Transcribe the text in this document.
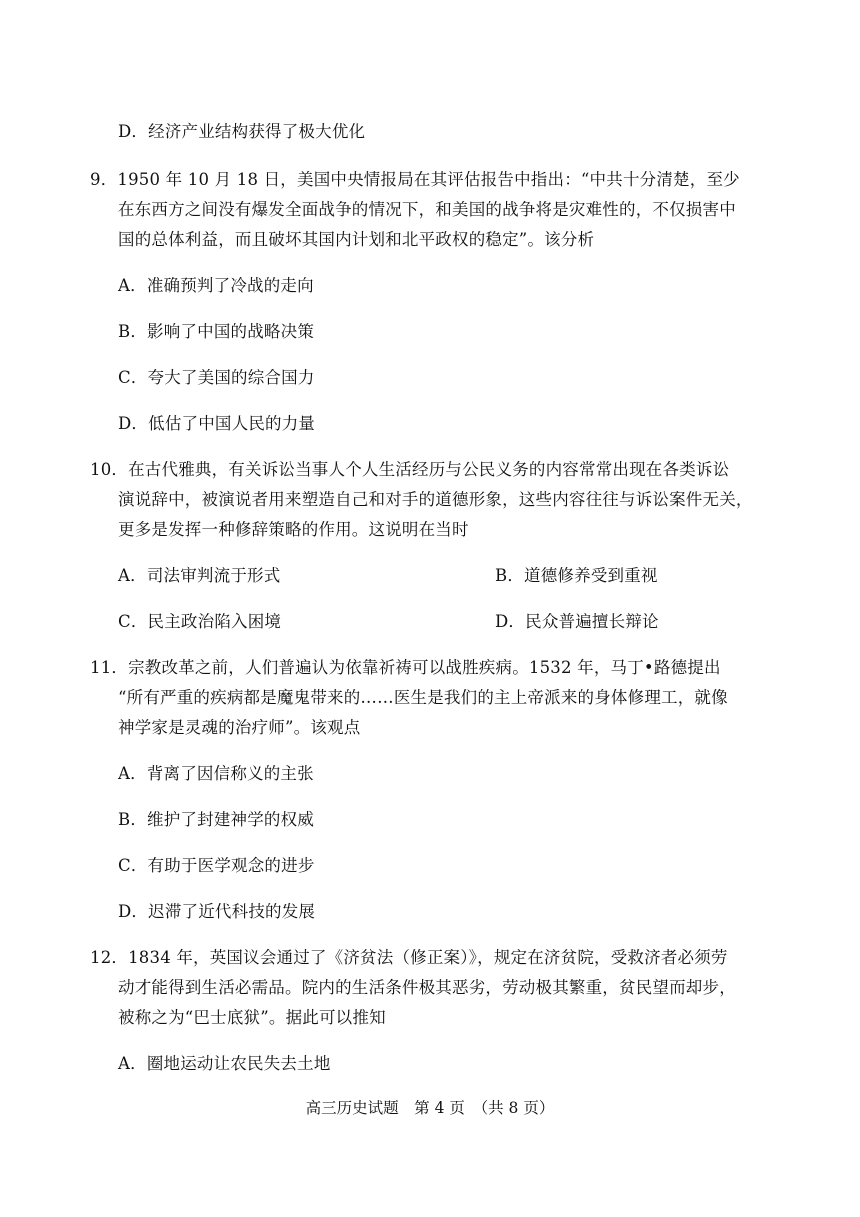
D．经济产业结构获得了极大优化
9．1950 年 10 月 18 日，美国中央情报局在其评估报告中指出：“中共十分清楚，至少
在东西方之间没有爆发全面战争的情况下，和美国的战争将是灾难性的，不仅损害中
国的总体利益，而且破坏其国内计划和北平政权的稳定”。该分析
A．准确预判了冷战的走向
B．影响了中国的战略决策
C．夸大了美国的综合国力
D．低估了中国人民的力量
10．在古代雅典，有关诉讼当事人个人生活经历与公民义务的内容常常出现在各类诉讼
演说辞中，被演说者用来塑造自己和对手的道德形象，这些内容往往与诉讼案件无关，
更多是发挥一种修辞策略的作用。这说明在当时
A．司法审判流于形式	B．道德修养受到重视
C．民主政治陷入困境	D．民众普遍擅长辩论
11．宗教改革之前，人们普遍认为依靠祈祷可以战胜疾病。1532 年，马丁•路德提出
“所有严重的疾病都是魔鬼带来的……医生是我们的主上帝派来的身体修理工，就像
神学家是灵魂的治疗师”。该观点
A．背离了因信称义的主张
B．维护了封建神学的权威
C．有助于医学观念的进步
D．迟滞了近代科技的发展
12．1834 年，英国议会通过了《济贫法（修正案）》，规定在济贫院，受救济者必须劳
动才能得到生活必需品。院内的生活条件极其恶劣，劳动极其繁重，贫民望而却步，
被称之为“巴士底狱”。据此可以推知
A．圈地运动让农民失去土地
高三历史试题　第 4 页　（共 8 页）
